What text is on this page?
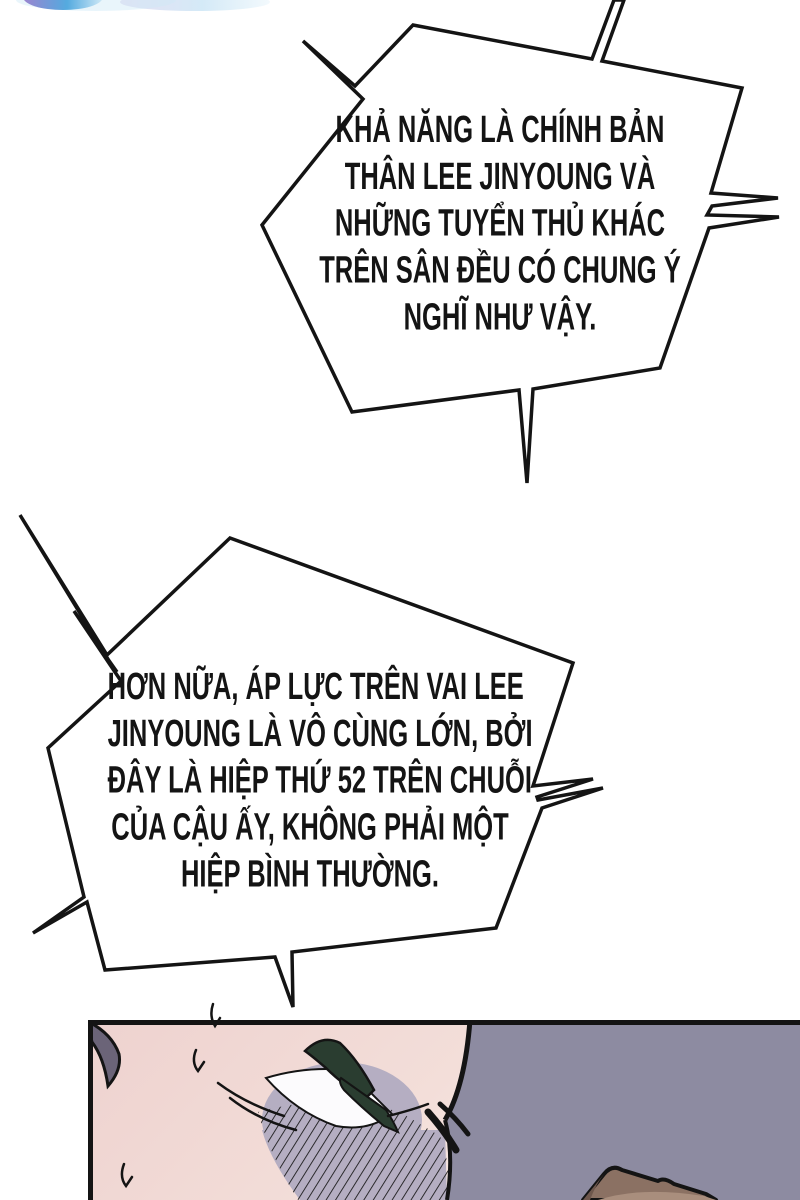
KHẢ NĂNG LÀ CHÍNH BẢN
THÂN LEE JINYOUNG VÀ
NHỮNG TUYỂN THỦ KHÁC
TRÊN SÂN ĐỀU CÓ CHUNG Ý
NGHĨ NHƯ VẬY.
HƠN NỮA, ÁP LỰC TRÊN VAI LEE
JINYOUNG LÀ VÔ CÙNG LỚN, BỞI
ĐÂY LÀ HIỆP THỨ 52 TRÊN CHUỖI
CỦA CẬU ẤY, KHÔNG PHẢI MỘT
HIỆP BÌNH THƯỜNG.
